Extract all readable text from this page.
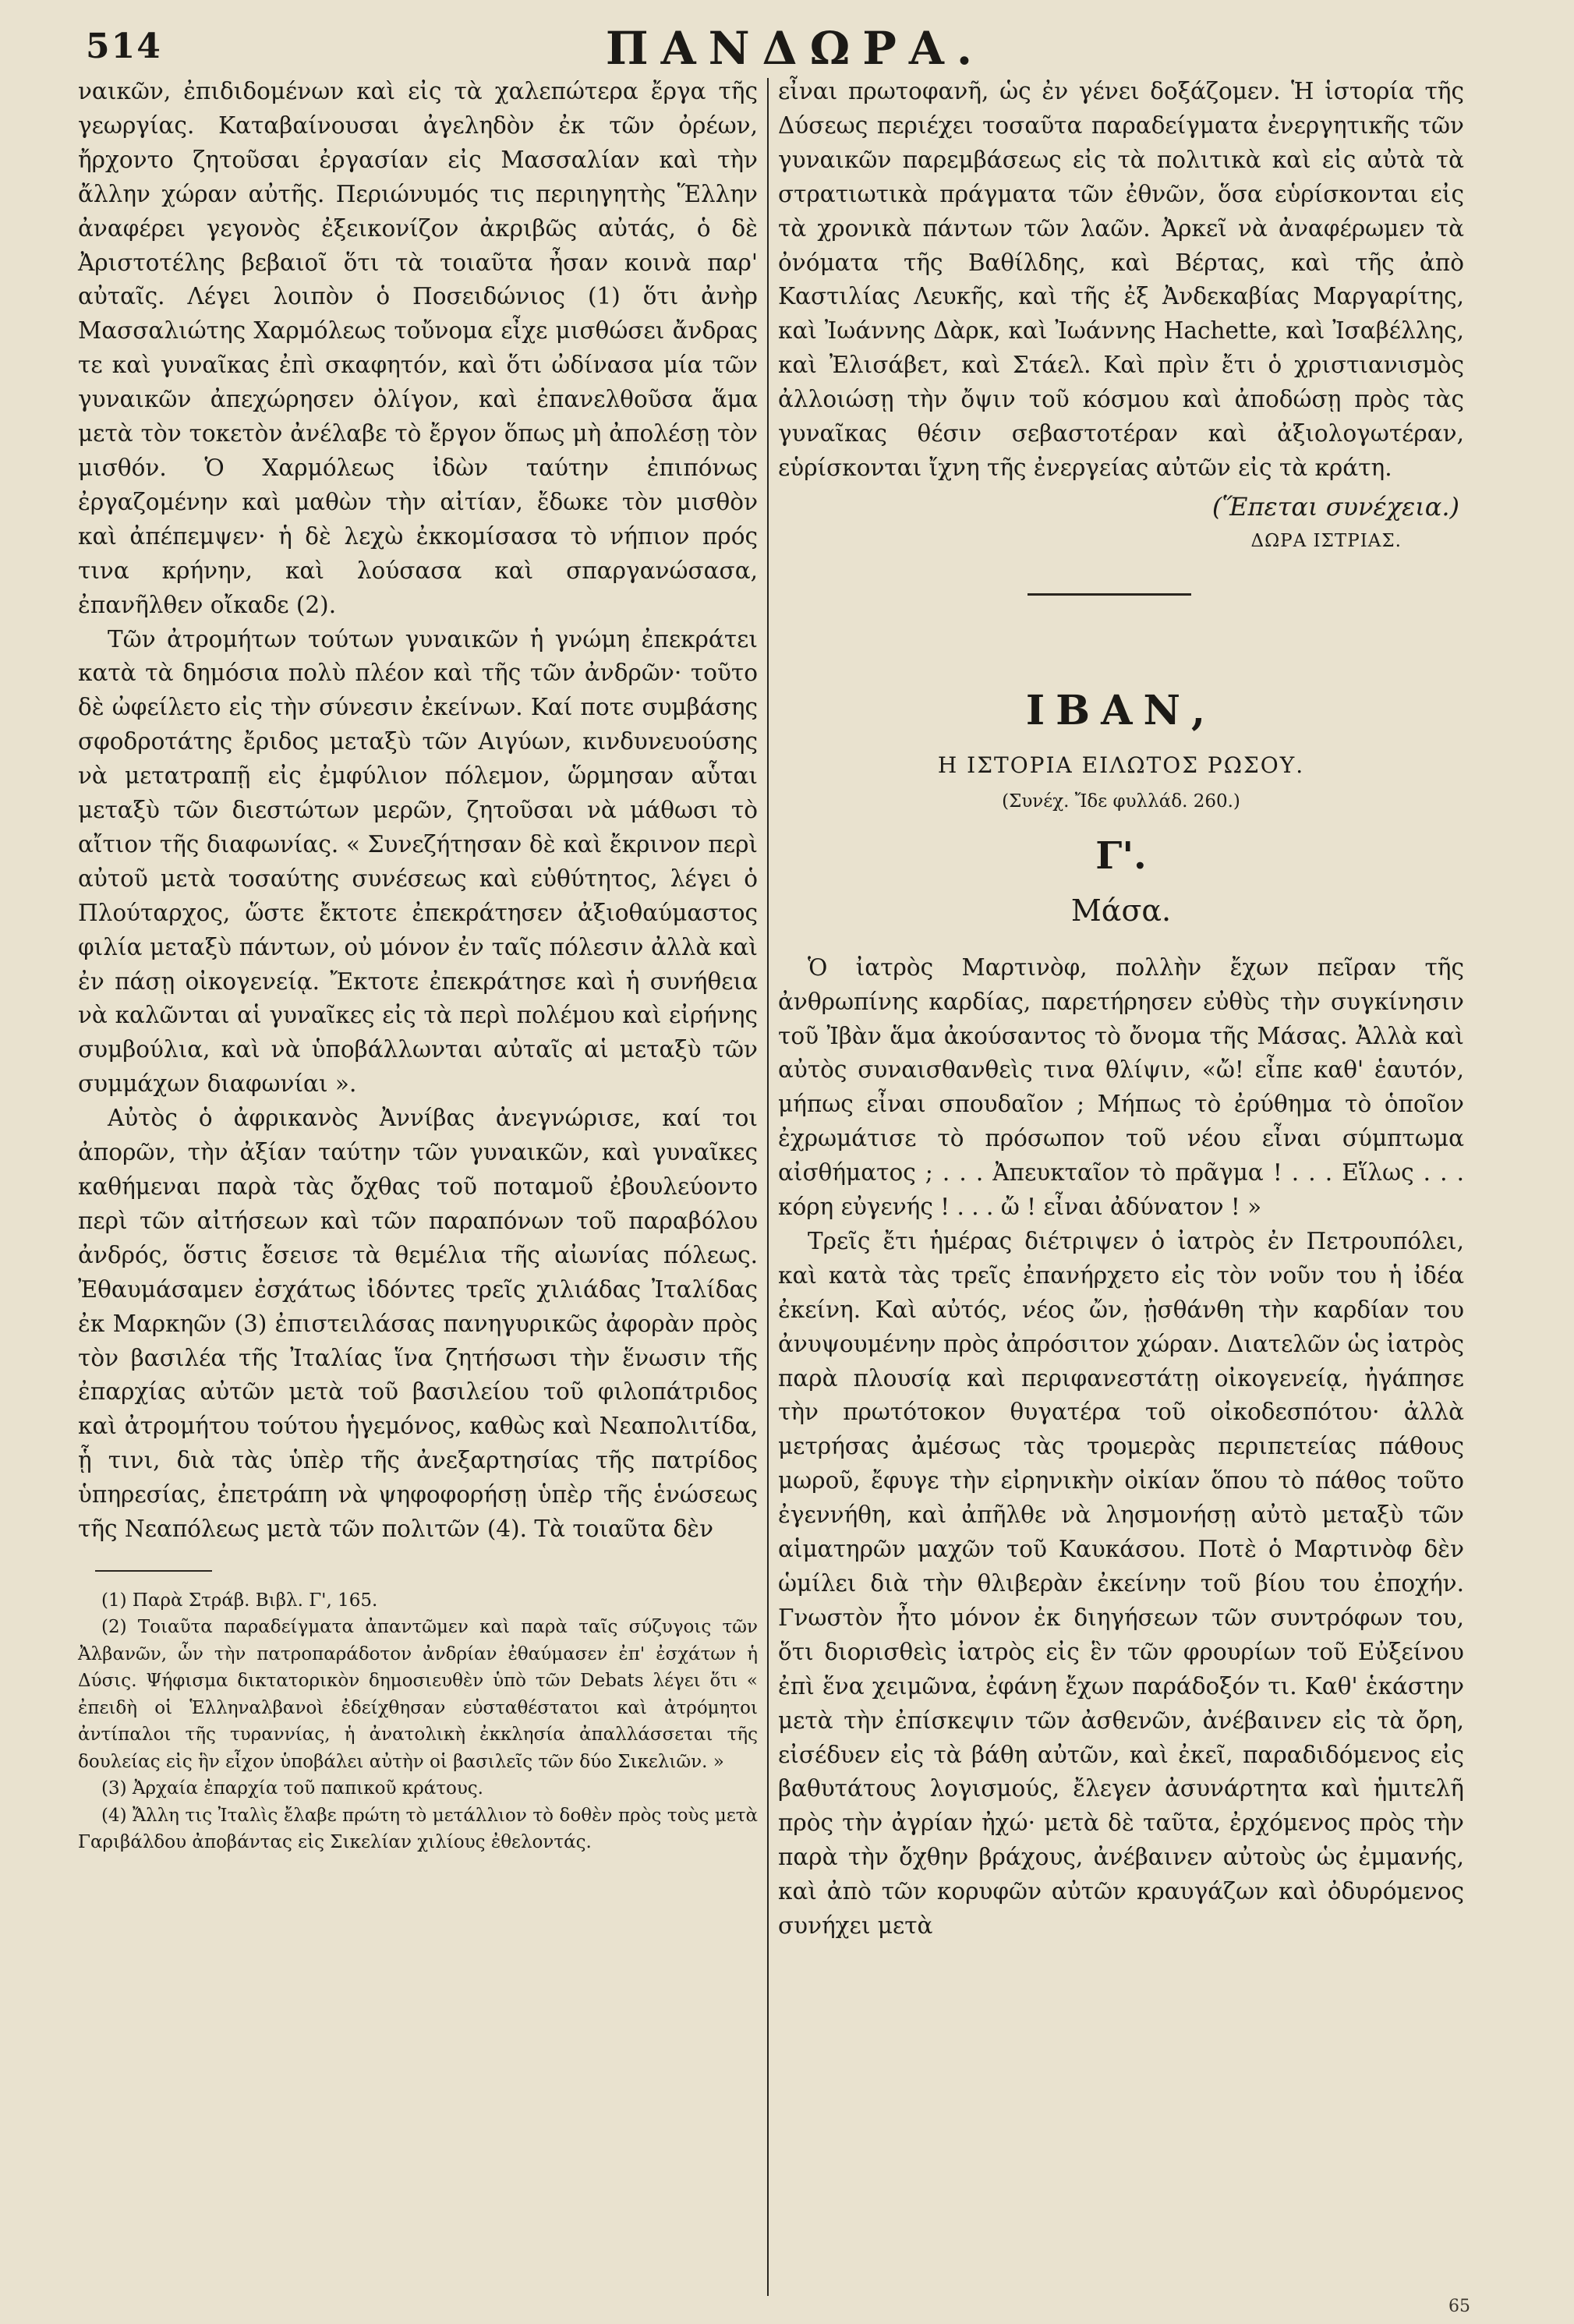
514	ΠΑΝΔΩΡΑ.

ναικῶν, ἐπιδιδομένων καὶ εἰς τὰ χαλεπώτερα ἔργα τῆς γεωργίας. Καταβαίνουσαι ἀγεληδὸν ἐκ τῶν ὀρέων, ἤρχοντο ζητοῦσαι ἐργασίαν εἰς Μασσαλίαν καὶ τὴν ἄλλην χώραν αὐτῆς. Περιώνυμός τις περιηγητὴς Ἕλλην ἀναφέρει γεγονὸς ἐξεικονίζον ἀκριβῶς αὐτάς, ὁ δὲ Ἀριστοτέλης βεβαιοῖ ὅτι τὰ τοιαῦτα ἦσαν κοινὰ παρ' αὐταῖς. Λέγει λοιπὸν ὁ Ποσειδώνιος (1) ὅτι ἀνὴρ Μασσαλιώτης Χαρμόλεως τοὔνομα εἶχε μισθώσει ἄνδρας τε καὶ γυναῖκας ἐπὶ σκαφητόν, καὶ ὅτι ὠδίνασα μία τῶν γυναικῶν ἀπεχώρησεν ὀλίγον, καὶ ἐπανελθοῦσα ἅμα μετὰ τὸν τοκετὸν ἀνέλαβε τὸ ἔργον ὅπως μὴ ἀπολέσῃ τὸν μισθόν. Ὁ Χαρμόλεως ἰδὼν ταύτην ἐπιπόνως ἐργαζομένην καὶ μαθὼν τὴν αἰτίαν, ἔδωκε τὸν μισθὸν καὶ ἀπέπεμψεν· ἡ δὲ λεχὼ ἐκκομίσασα τὸ νήπιον πρός τινα κρήνην, καὶ λούσασα καὶ σπαργανώσασα, ἐπανῆλθεν οἴκαδε (2).

Τῶν ἀτρομήτων τούτων γυναικῶν ἡ γνώμη ἐπεκράτει κατὰ τὰ δημόσια πολὺ πλέον καὶ τῆς τῶν ἀνδρῶν· τοῦτο δὲ ὠφείλετο εἰς τὴν σύνεσιν ἐκείνων. Καί ποτε συμβάσης σφοδροτάτης ἔριδος μεταξὺ τῶν Αιγύων, κινδυνευούσης νὰ μετατραπῇ εἰς ἐμφύλιον πόλεμον, ὥρμησαν αὗται μεταξὺ τῶν διεστώτων μερῶν, ζητοῦσαι νὰ μάθωσι τὸ αἴτιον τῆς διαφωνίας. « Συνεζήτησαν δὲ καὶ ἔκρινον περὶ αὐτοῦ μετὰ τοσαύτης συνέσεως καὶ εὐθύτητος, λέγει ὁ Πλούταρχος, ὥστε ἔκτοτε ἐπεκράτησεν ἀξιοθαύμαστος φιλία μεταξὺ πάντων, οὐ μόνον ἐν ταῖς πόλεσιν ἀλλὰ καὶ ἐν πάσῃ οἰκογενείᾳ. Ἔκτοτε ἐπεκράτησε καὶ ἡ συνήθεια νὰ καλῶνται αἱ γυναῖκες εἰς τὰ περὶ πολέμου καὶ εἰρήνης συμβούλια, καὶ νὰ ὑποβάλλωνται αὐταῖς αἱ μεταξὺ τῶν συμμάχων διαφωνίαι ».

Αὐτὸς ὁ ἀφρικανὸς Ἀννίβας ἀνεγνώρισε, καί τοι ἀπορῶν, τὴν ἀξίαν ταύτην τῶν γυναικῶν, καὶ γυναῖκες καθήμεναι παρὰ τὰς ὄχθας τοῦ ποταμοῦ ἐβουλεύοντο περὶ τῶν αἰτήσεων καὶ τῶν παραπόνων τοῦ παραβόλου ἀνδρός, ὅστις ἔσεισε τὰ θεμέλια τῆς αἰωνίας πόλεως. Ἐθαυμάσαμεν ἐσχάτως ἰδόντες τρεῖς χιλιάδας Ἰταλίδας ἐκ Μαρκηῶν (3) ἐπιστειλάσας πανηγυρικῶς ἀφορὰν πρὸς τὸν βασιλέα τῆς Ἰταλίας ἵνα ζητήσωσι τὴν ἕνωσιν τῆς ἐπαρχίας αὐτῶν μετὰ τοῦ βασιλείου τοῦ φιλοπάτριδος καὶ ἀτρομήτου τούτου ἡγεμόνος, καθὼς καὶ Νεαπολιτίδα, ᾗ τινι, διὰ τὰς ὑπὲρ τῆς ἀνεξαρτησίας τῆς πατρίδος ὑπηρεσίας, ἐπετράπη νὰ ψηφοφορήσῃ ὑπὲρ τῆς ἑνώσεως τῆς Νεαπόλεως μετὰ τῶν πολιτῶν (4). Τὰ τοιαῦτα δὲν

(1) Παρὰ Στράβ. Βιβλ. Γ', 165.

(2) Τοιαῦτα παραδείγματα ἀπαντῶμεν καὶ παρὰ ταῖς σύζυγοις τῶν Ἀλβανῶν, ὧν τὴν πατροπαράδοτον ἀνδρίαν ἐθαύμασεν ἐπ' ἐσχάτων ἡ Δύσις. Ψήφισμα δικτατορικὸν δημοσιευθὲν ὑπὸ τῶν Debats λέγει ὅτι « ἐπειδὴ οἱ Ἑλληναλβανοὶ ἐδείχθησαν εὐσταθέστατοι καὶ ἀτρόμητοι ἀντίπαλοι τῆς τυραννίας, ἡ ἀνατολικὴ ἐκκλησία ἀπαλλάσσεται τῆς δουλείας εἰς ἣν εἶχον ὑποβάλει αὐτὴν οἱ βασιλεῖς τῶν δύο Σικελιῶν. »

(3) Ἀρχαία ἐπαρχία τοῦ παπικοῦ κράτους.

(4) Ἄλλη τις Ἰταλὶς ἔλαβε πρώτη τὸ μετάλλιον τὸ δοθὲν πρὸς τοὺς μετὰ Γαριβάλδου ἀποβάντας εἰς Σικελίαν χιλίους ἐθελοντάς.

εἶναι πρωτοφανῆ, ὡς ἐν γένει δοξάζομεν. Ἡ ἱστορία τῆς Δύσεως περιέχει τοσαῦτα παραδείγματα ἐνεργητικῆς τῶν γυναικῶν παρεμβάσεως εἰς τὰ πολιτικὰ καὶ εἰς αὐτὰ τὰ στρατιωτικὰ πράγματα τῶν ἐθνῶν, ὅσα εὑρίσκονται εἰς τὰ χρονικὰ πάντων τῶν λαῶν. Ἀρκεῖ νὰ ἀναφέρωμεν τὰ ὀνόματα τῆς Βαθίλδης, καὶ Βέρτας, καὶ τῆς ἀπὸ Καστιλίας Λευκῆς, καὶ τῆς ἐξ Ἀνδεκαβίας Μαργαρίτης, καὶ Ἰωάννης Δὰρκ, καὶ Ἰωάννης Hachette, καὶ Ἰσαβέλλης, καὶ Ἐλισάβετ, καὶ Στάελ. Καὶ πρὶν ἔτι ὁ χριστιανισμὸς ἀλλοιώσῃ τὴν ὄψιν τοῦ κόσμου καὶ ἀποδώσῃ πρὸς τὰς γυναῖκας θέσιν σεβαστοτέραν καὶ ἀξιολογωτέραν, εὑρίσκονται ἴχνη τῆς ἐνεργείας αὐτῶν εἰς τὰ κράτη.

(Ἕπεται συνέχεια.)

ΔΩΡΑ ΙΣΤΡΙΑΣ.

ΙΒΑΝ,
Η ΙΣΤΟΡΙΑ ΕΙΛΩΤΟΣ ΡΩΣΟΥ.
(Συνέχ. Ἴδε φυλλάδ. 260.)
Γ'.
Μάσα.

Ὁ ἰατρὸς Μαρτινὸφ, πολλὴν ἔχων πεῖραν τῆς ἀνθρωπίνης καρδίας, παρετήρησεν εὐθὺς τὴν συγκίνησιν τοῦ Ἰβὰν ἅμα ἀκούσαντος τὸ ὄνομα τῆς Μάσας. Ἀλλὰ καὶ αὐτὸς συναισθανθεὶς τινα θλίψιν, «ὤ! εἶπε καθ' ἑαυτόν, μήπως εἶναι σπουδαῖον ; Μήπως τὸ ἐρύθημα τὸ ὁποῖον ἐχρωμάτισε τὸ πρόσωπον τοῦ νέου εἶναι σύμπτωμα αἰσθήματος ; . . . Ἀπευκταῖον τὸ πρᾶγμα ! . . . Εἵλως . . . κόρη εὐγενής ! . . . ὤ ! εἶναι ἀδύνατον ! »

Τρεῖς ἔτι ἡμέρας διέτριψεν ὁ ἰατρὸς ἐν Πετρουπόλει, καὶ κατὰ τὰς τρεῖς ἐπανήρχετο εἰς τὸν νοῦν του ἡ ἰδέα ἐκείνη. Καὶ αὐτός, νέος ὤν, ᾐσθάνθη τὴν καρδίαν του ἀνυψουμένην πρὸς ἀπρόσιτον χώραν. Διατελῶν ὡς ἰατρὸς παρὰ πλουσίᾳ καὶ περιφανεστάτῃ οἰκογενείᾳ, ἠγάπησε τὴν πρωτότοκον θυγατέρα τοῦ οἰκοδεσπότου· ἀλλὰ μετρήσας ἀμέσως τὰς τρομερὰς περιπετείας πάθους μωροῦ, ἔφυγε τὴν εἰρηνικὴν οἰκίαν ὅπου τὸ πάθος τοῦτο ἐγεννήθη, καὶ ἀπῆλθε νὰ λησμονήσῃ αὐτὸ μεταξὺ τῶν αἱματηρῶν μαχῶν τοῦ Καυκάσου. Ποτὲ ὁ Μαρτινὸφ δὲν ὡμίλει διὰ τὴν θλιβερὰν ἐκείνην τοῦ βίου του ἐποχήν. Γνωστὸν ἦτο μόνον ἐκ διηγήσεων τῶν συντρόφων του, ὅτι διορισθεὶς ἰατρὸς εἰς ἓν τῶν φρουρίων τοῦ Εὐξείνου ἐπὶ ἕνα χειμῶνα, ἐφάνη ἔχων παράδοξόν τι. Καθ' ἑκάστην μετὰ τὴν ἐπίσκεψιν τῶν ἀσθενῶν, ἀνέβαινεν εἰς τὰ ὄρη, εἰσέδυεν εἰς τὰ βάθη αὐτῶν, καὶ ἐκεῖ, παραδιδόμενος εἰς βαθυτάτους λογισμούς, ἔλεγεν ἀσυνάρτητα καὶ ἡμιτελῆ πρὸς τὴν ἀγρίαν ἠχώ· μετὰ δὲ ταῦτα, ἐρχόμενος πρὸς τὴν παρὰ τὴν ὄχθην βράχους, ἀνέβαινεν αὐτοὺς ὡς ἐμμανής, καὶ ἀπὸ τῶν κορυφῶν αὐτῶν κραυγάζων καὶ ὀδυρόμενος συνήχει μετὰ

65
